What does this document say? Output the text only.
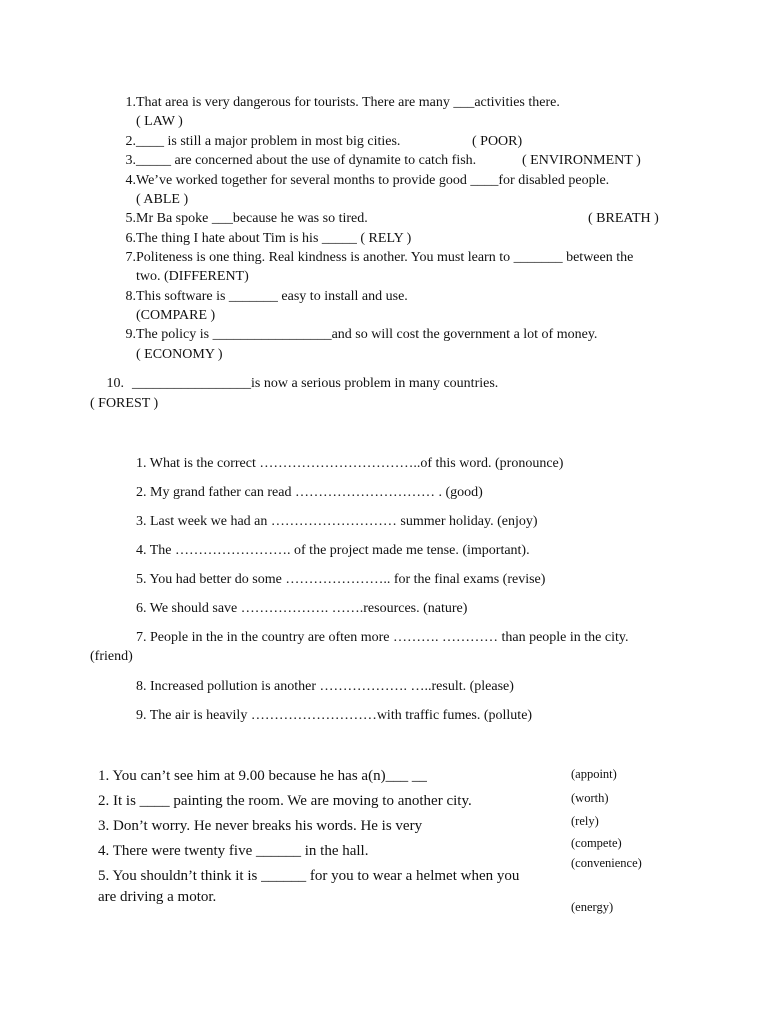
1. That area is very dangerous for tourists. There are many ___activities there.
( LAW )
2. ____ is still a major problem in most big cities.	( POOR)
3. _____ are concerned about the use of dynamite to catch fish.	( ENVIRONMENT )
4. We’ve worked together for several months to provide good ____for disabled people.
( ABLE )
5. Mr Ba spoke ___because he was so tired.	( BREATH )
6. The thing I hate about Tim is his _____ ( RELY )
7. Politeness is one thing. Real kindness is another. You must learn to _______ between the
two. (DIFFERENT)
8. This software is _______ easy to install and use.
(COMPARE )
9. The policy is _________________and so will cost the government a lot of money.
( ECONOMY )
10. _________________is now a serious problem in many countries.
( FOREST )
1. What is the correct ……………………………..of this word. (pronounce)
2. My grand father can read ………………………… . (good)
3. Last week we had an ……………………… summer holiday. (enjoy)
4. The ……………………. of the project made me tense. (important).
5. You had better do some ………………….. for the final exams (revise)
6. We should save ………………. …….resources. (nature)
7. People in the in the country are often more ………. ………… than people in the city.
(friend)
8. Increased pollution is another ………………. …..result. (please)
9. The air is heavily ………………………with traffic fumes. (pollute)
1. You can’t see him at 9.00 because he has a(n)___ __
2. It is ____ painting the room. We are moving to another city.
3. Don’t worry. He never breaks his words. He is very
4. There were twenty five ______ in the hall.
5. You shouldn’t think it is ______ for you to wear a helmet when you
are driving a motor.
(appoint)
(worth)
(rely)
(compete)
(convenience)
(energy)
